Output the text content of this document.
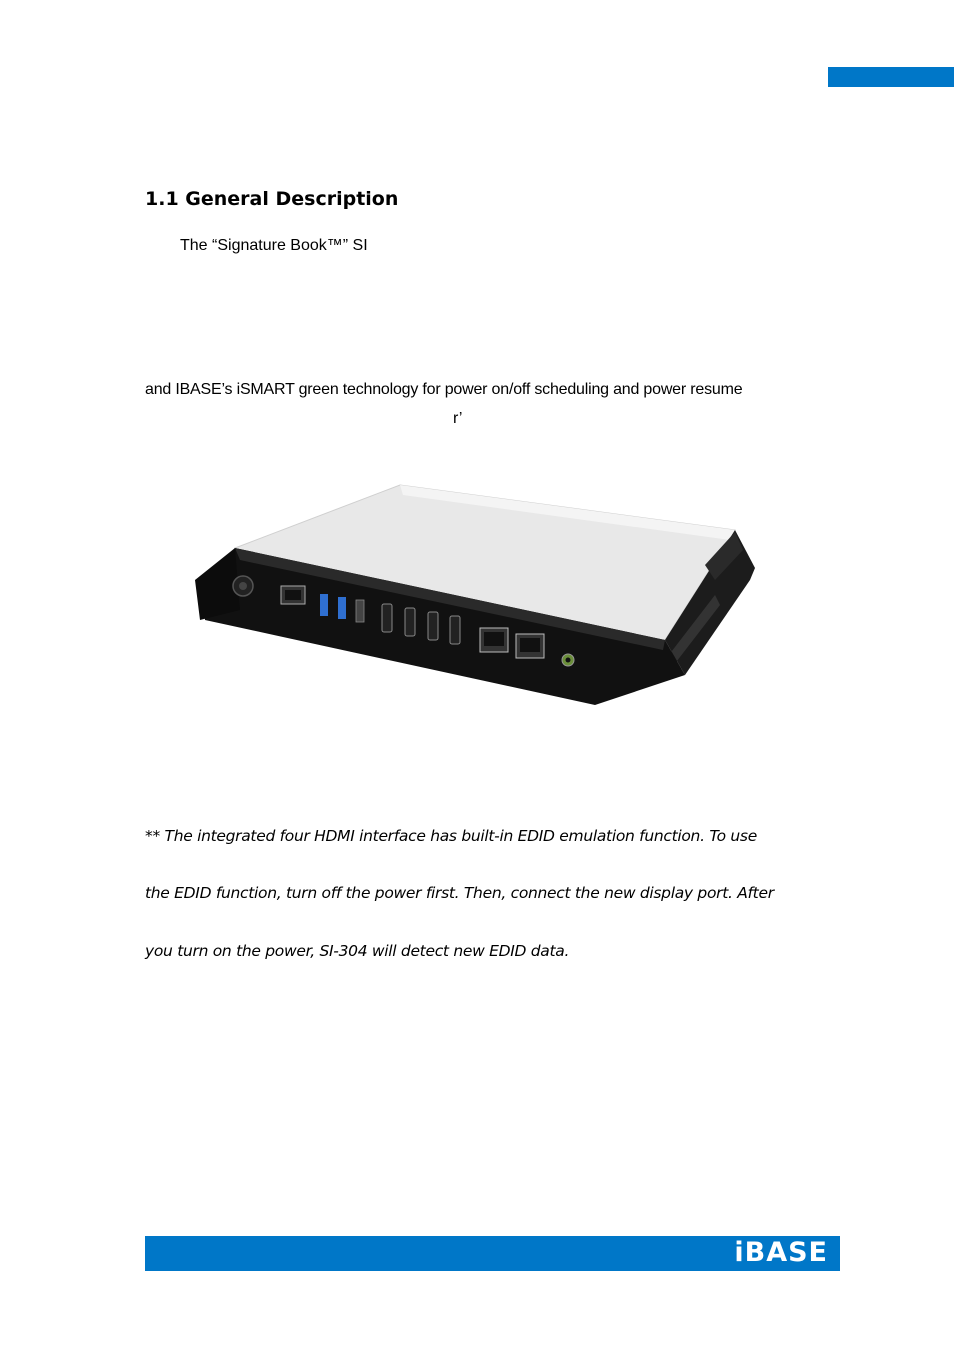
1.1 General Description

The “Signature Book™” SI

and IBASE’s iSMART green technology for power on/off scheduling and power resume

r’

** The integrated four HDMI interface has built-in EDID emulation function. To use

the EDID function, turn off the power first. Then, connect the new display port. After

you turn on the power, SI-304 will detect new EDID data.

iBASE
